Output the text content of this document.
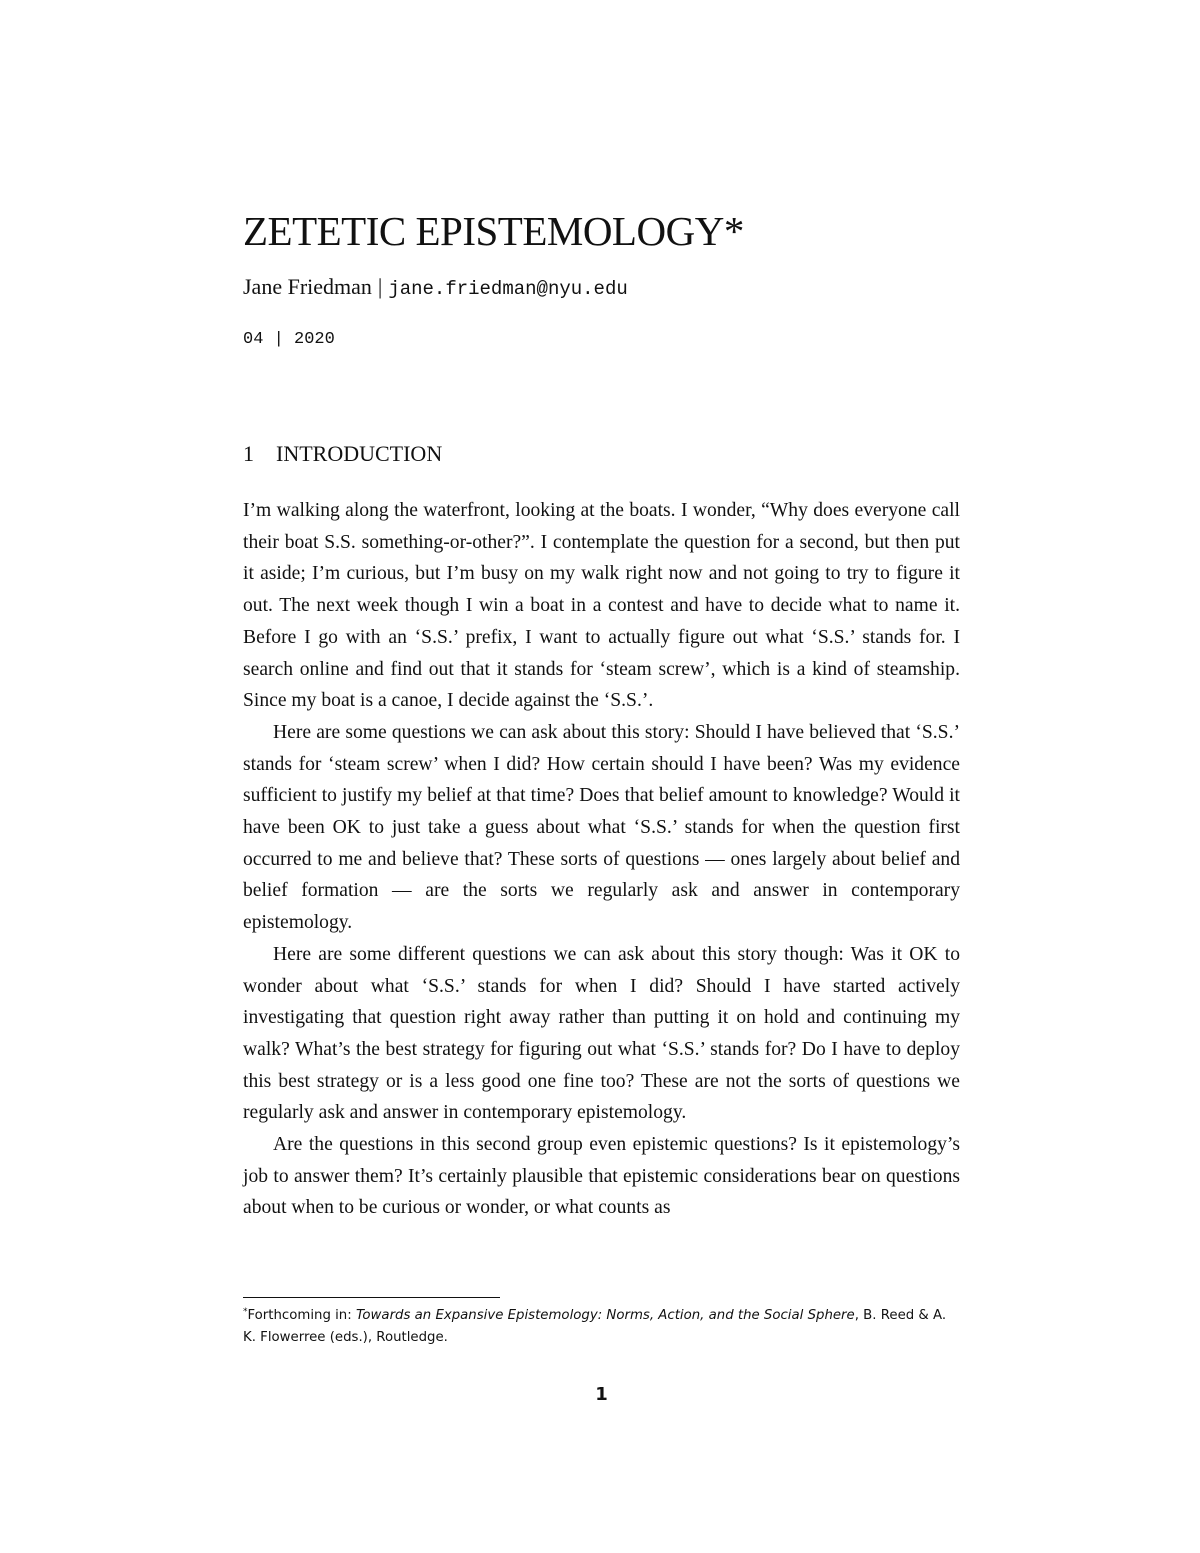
ZETETIC EPISTEMOLOGY*
Jane Friedman | jane.friedman@nyu.edu
04 | 2020
1 INTRODUCTION

I’m walking along the waterfront, looking at the boats. I wonder, “Why does everyone call their boat S.S. something-or-other?”. I contemplate the question for a second, but then put it aside; I’m curious, but I’m busy on my walk right now and not going to try to figure it out. The next week though I win a boat in a contest and have to decide what to name it. Before I go with an ‘S.S.’ prefix, I want to actually figure out what ‘S.S.’ stands for. I search online and find out that it stands for ‘steam screw’, which is a kind of steamship. Since my boat is a canoe, I decide against the ‘S.S.’.

Here are some questions we can ask about this story: Should I have believed that ‘S.S.’ stands for ‘steam screw’ when I did? How certain should I have been? Was my evidence sufficient to justify my belief at that time? Does that belief amount to knowledge? Would it have been OK to just take a guess about what ‘S.S.’ stands for when the question first occurred to me and believe that? These sorts of questions — ones largely about belief and belief formation — are the sorts we regularly ask and answer in contemporary epistemology.

Here are some different questions we can ask about this story though: Was it OK to wonder about what ‘S.S.’ stands for when I did? Should I have started actively investigating that question right away rather than putting it on hold and continuing my walk? What’s the best strategy for figuring out what ‘S.S.’ stands for? Do I have to deploy this best strategy or is a less good one fine too? These are not the sorts of questions we regularly ask and answer in contemporary epistemology.

Are the questions in this second group even epistemic questions? Is it epistemology’s job to answer them? It’s certainly plausible that epistemic considerations bear on questions about when to be curious or wonder, or what counts as

*Forthcoming in: Towards an Expansive Epistemology: Norms, Action, and the Social Sphere, B. Reed & A. K. Flowerree (eds.), Routledge.
1
